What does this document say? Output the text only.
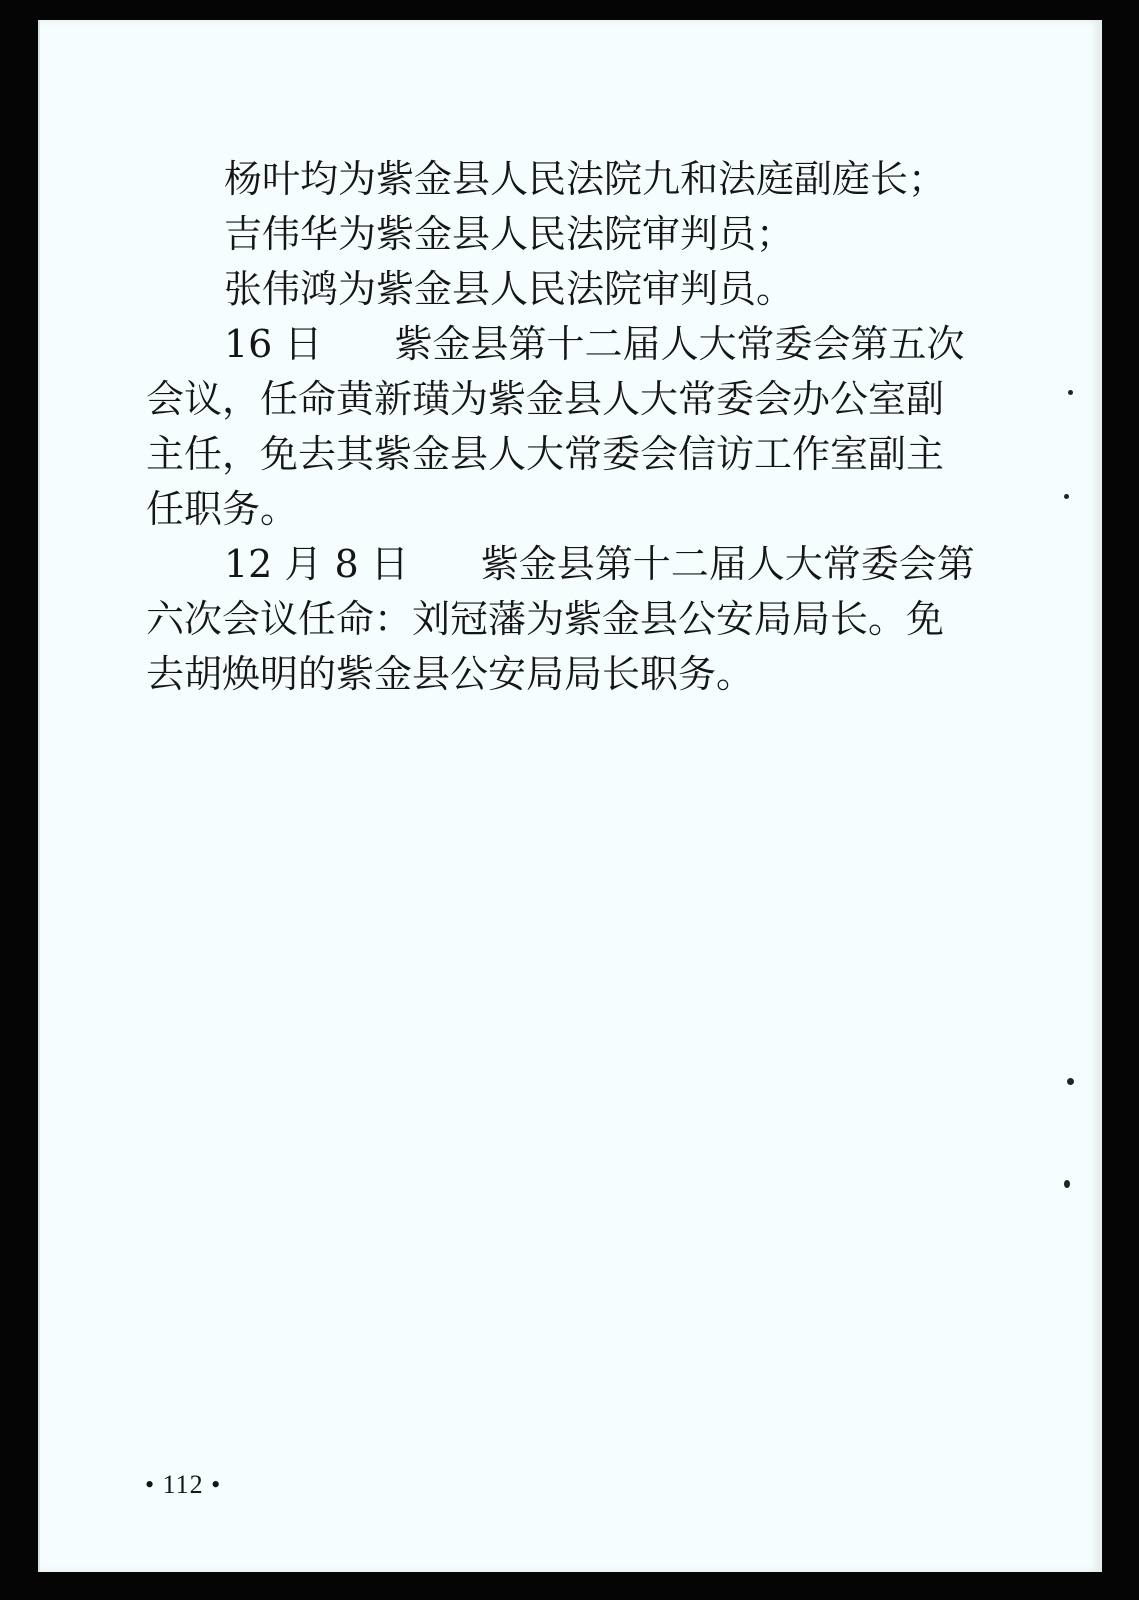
杨叶均为紫金县人民法院九和法庭副庭长；

吉伟华为紫金县人民法院审判员；

张伟鸿为紫金县人民法院审判员。

16 日 紫金县第十二届人大常委会第五次

会议，任命黄新璜为紫金县人大常委会办公室副

主任，免去其紫金县人大常委会信访工作室副主

任职务。

12 月 8 日 紫金县第十二届人大常委会第

六次会议任命：刘冠藩为紫金县公安局局长。免

去胡焕明的紫金县公安局局长职务。

• 112 •
